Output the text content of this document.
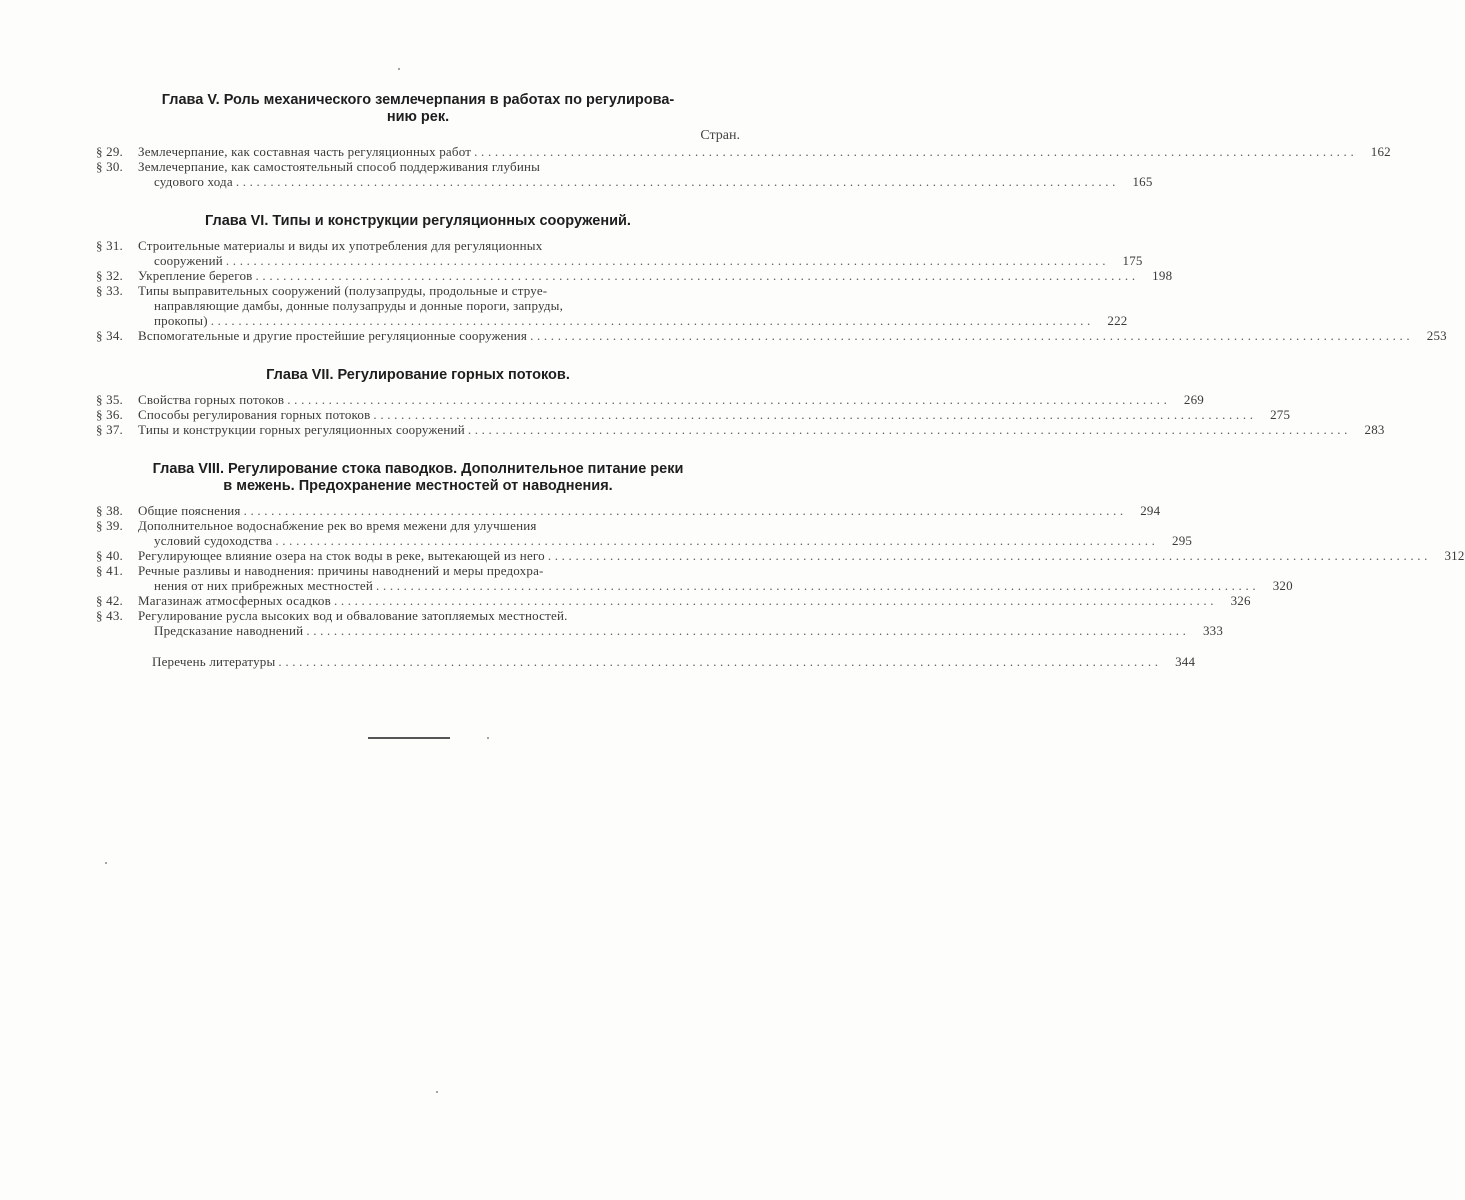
Глава V. Роль механического землечерпания в работах по регулирова-
нию рек.
Стран.
§ 29.	Землечерпание, как составная часть регуляционных работ . . .	162
§ 30.	Землечерпание, как самостоятельный способ поддерживания глубины
судового хода . . .	165
Глава VI. Типы и конструкции регуляционных сооружений.
§ 31.	Строительные материалы и виды их употребления для регуляционных
сооружений . . .	175
§ 32.	Укрепление берегов . . .	198
§ 33.	Типы выправительных сооружений (полузапруды, продольные и струе-
направляющие дамбы, донные полузапруды и донные пороги, запруды,
прокопы) . . .	222
§ 34.	Вспомогательные и другие простейшие регуляционные сооружения . . .	253
Глава VII. Регулирование горных потоков.
§ 35.	Свойства горных потоков . . .	269
§ 36.	Способы регулирования горных потоков . . .	275
§ 37.	Типы и конструкции горных регуляционных сооружений . . .	283
Глава VIII. Регулирование стока паводков. Дополнительное питание реки
в межень. Предохранение местностей от наводнения.
§ 38.	Общие пояснения . . .	294
§ 39.	Дополнительное водоснабжение рек во время межени для улучшения
условий судоходства . . .	295
§ 40.	Регулирующее влияние озера на сток воды в реке, вытекающей из него . . .	312
§ 41.	Речные разливы и наводнения: причины наводнений и меры предохра-
нения от них прибрежных местностей . . .	320
§ 42.	Магазинаж атмосферных осадков . . .	326
§ 43.	Регулирование русла высоких вод и обвалование затопляемых местностей.
Предсказание наводнений . . .	333
Перечень литературы . . .	344
